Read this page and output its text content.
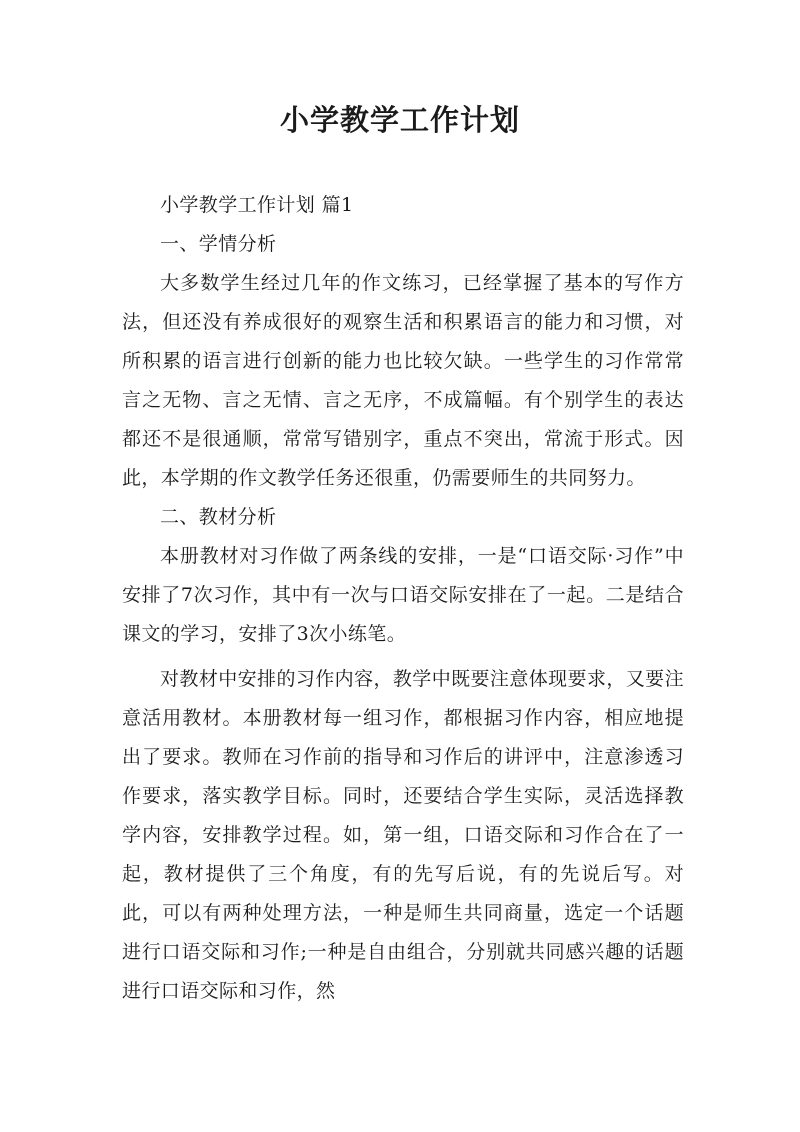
小学教学工作计划

小学教学工作计划 篇1

一、学情分析

大多数学生经过几年的作文练习，已经掌握了基本的写作方法，但还没有养成很好的观察生活和积累语言的能力和习惯，对所积累的语言进行创新的能力也比较欠缺。一些学生的习作常常言之无物、言之无情、言之无序，不成篇幅。有个别学生的表达都还不是很通顺，常常写错别字，重点不突出，常流于形式。因此，本学期的作文教学任务还很重，仍需要师生的共同努力。

二、教材分析

本册教材对习作做了两条线的安排，一是“口语交际·习作”中安排了7次习作，其中有一次与口语交际安排在了一起。二是结合课文的学习，安排了3次小练笔。

对教材中安排的习作内容，教学中既要注意体现要求，又要注意活用教材。本册教材每一组习作，都根据习作内容，相应地提出了要求。教师在习作前的指导和习作后的讲评中，注意渗透习作要求，落实教学目标。同时，还要结合学生实际，灵活选择教学内容，安排教学过程。如，第一组，口语交际和习作合在了一起，教材提供了三个角度，有的先写后说，有的先说后写。对此，可以有两种处理方法，一种是师生共同商量，选定一个话题进行口语交际和习作;一种是自由组合，分别就共同感兴趣的话题进行口语交际和习作，然
